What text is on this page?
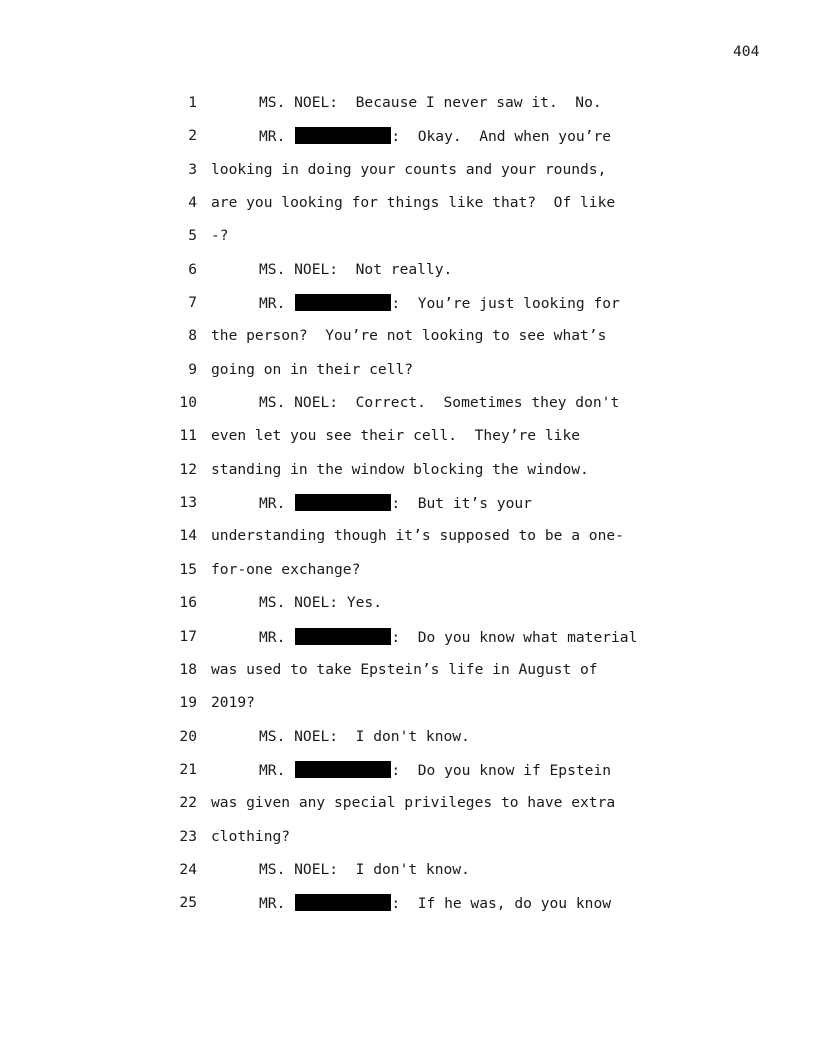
404
1	MS. NOEL:  Because I never saw it.  No.
2	MR.	:  Okay.  And when you’re
3 looking in doing your counts and your rounds,
4 are you looking for things like that?  Of like
5 -?
6	MS. NOEL:  Not really.
7	MR.	:  You’re just looking for
8 the person?  You’re not looking to see what’s
9 going on in their cell?
10	MS. NOEL:  Correct.  Sometimes they don't
11 even let you see their cell.  They’re like
12 standing in the window blocking the window.
13	MR.	:  But it’s your
14 understanding though it’s supposed to be a one-
15 for-one exchange?
16	MS. NOEL: Yes.
17	MR.	:  Do you know what material
18 was used to take Epstein’s life in August of
19 2019?
20	MS. NOEL:  I don't know.
21	MR.	:  Do you know if Epstein
22 was given any special privileges to have extra
23 clothing?
24	MS. NOEL:  I don't know.
25	MR.	:  If he was, do you know
